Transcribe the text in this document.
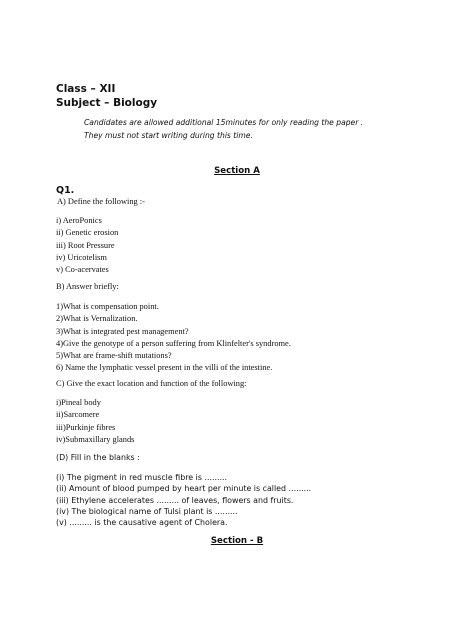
Class – XII
Subject – Biology
Candidates are allowed additional 15minutes for only reading the paper .
They must not start writing during this time.
Section A
Q1.
A) Define the following :-
i) AeroPonics
ii) Genetic erosion
iii) Root Pressure
iv) Uricotelism
v) Co-acervates
B) Answer briefly:
1)What is compensation point.
2)What is Vernalization.
3)What is integrated pest management?
4)Give the genotype of a person suffering from Klinfelter's syndrome.
5)What are frame-shift mutations?
6) Name the lymphatic vessel present in the villi of the intestine.
C) Give the exact location and function of the following:
i)Pineal body
ii)Sarcomere
iii)Purkinje fibres
iv)Submaxillary glands
(D) Fill in the blanks :
(i) The pigment in red muscle fibre is .........
(ii) Amount of blood pumped by heart per minute is called .........
(iii) Ethylene accelerates ......... of leaves, flowers and fruits.
(iv) The biological name of Tulsi plant is .........
(v) ......... is the causative agent of Cholera.
Section - B
